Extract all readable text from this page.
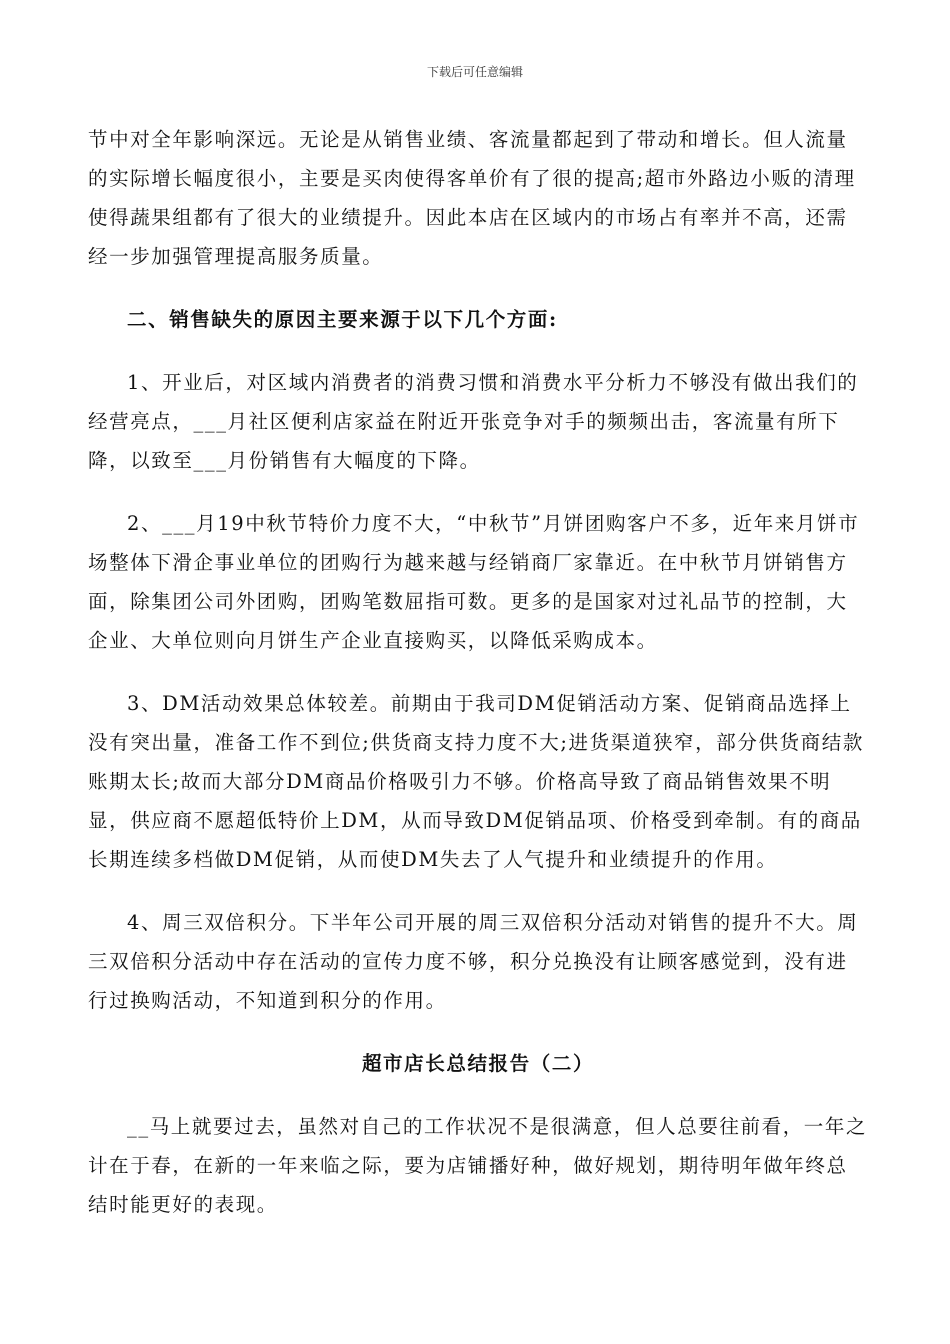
下载后可任意编辑

节中对全年影响深远。无论是从销售业绩、客流量都起到了带动和增长。但人流量的实际增长幅度很小，主要是买肉使得客单价有了很的提高;超市外路边小贩的清理使得蔬果组都有了很大的业绩提升。因此本店在区域内的市场占有率并不高，还需经一步加强管理提高服务质量。

二、销售缺失的原因主要来源于以下几个方面:

1、开业后，对区域内消费者的消费习惯和消费水平分析力不够没有做出我们的经营亮点，___月社区便利店家益在附近开张竞争对手的频频出击，客流量有所下降，以致至___月份销售有大幅度的下降。

2、___月19中秋节特价力度不大，“中秋节”月饼团购客户不多，近年来月饼市场整体下滑企事业单位的团购行为越来越与经销商厂家靠近。在中秋节月饼销售方面，除集团公司外团购，团购笔数屈指可数。更多的是国家对过礼品节的控制，大企业、大单位则向月饼生产企业直接购买，以降低采购成本。

3、DM活动效果总体较差。前期由于我司DM促销活动方案、促销商品选择上没有突出量，准备工作不到位;供货商支持力度不大;进货渠道狭窄，部分供货商结款账期太长;故而大部分DM商品价格吸引力不够。价格高导致了商品销售效果不明显，供应商不愿超低特价上DM，从而导致DM促销品项、价格受到牵制。有的商品长期连续多档做DM促销，从而使DM失去了人气提升和业绩提升的作用。

4、周三双倍积分。下半年公司开展的周三双倍积分活动对销售的提升不大。周三双倍积分活动中存在活动的宣传力度不够，积分兑换没有让顾客感觉到，没有进行过换购活动，不知道到积分的作用。

超市店长总结报告（二）

__马上就要过去，虽然对自己的工作状况不是很满意，但人总要往前看，一年之计在于春，在新的一年来临之际，要为店铺播好种，做好规划，期待明年做年终总结时能更好的表现。
